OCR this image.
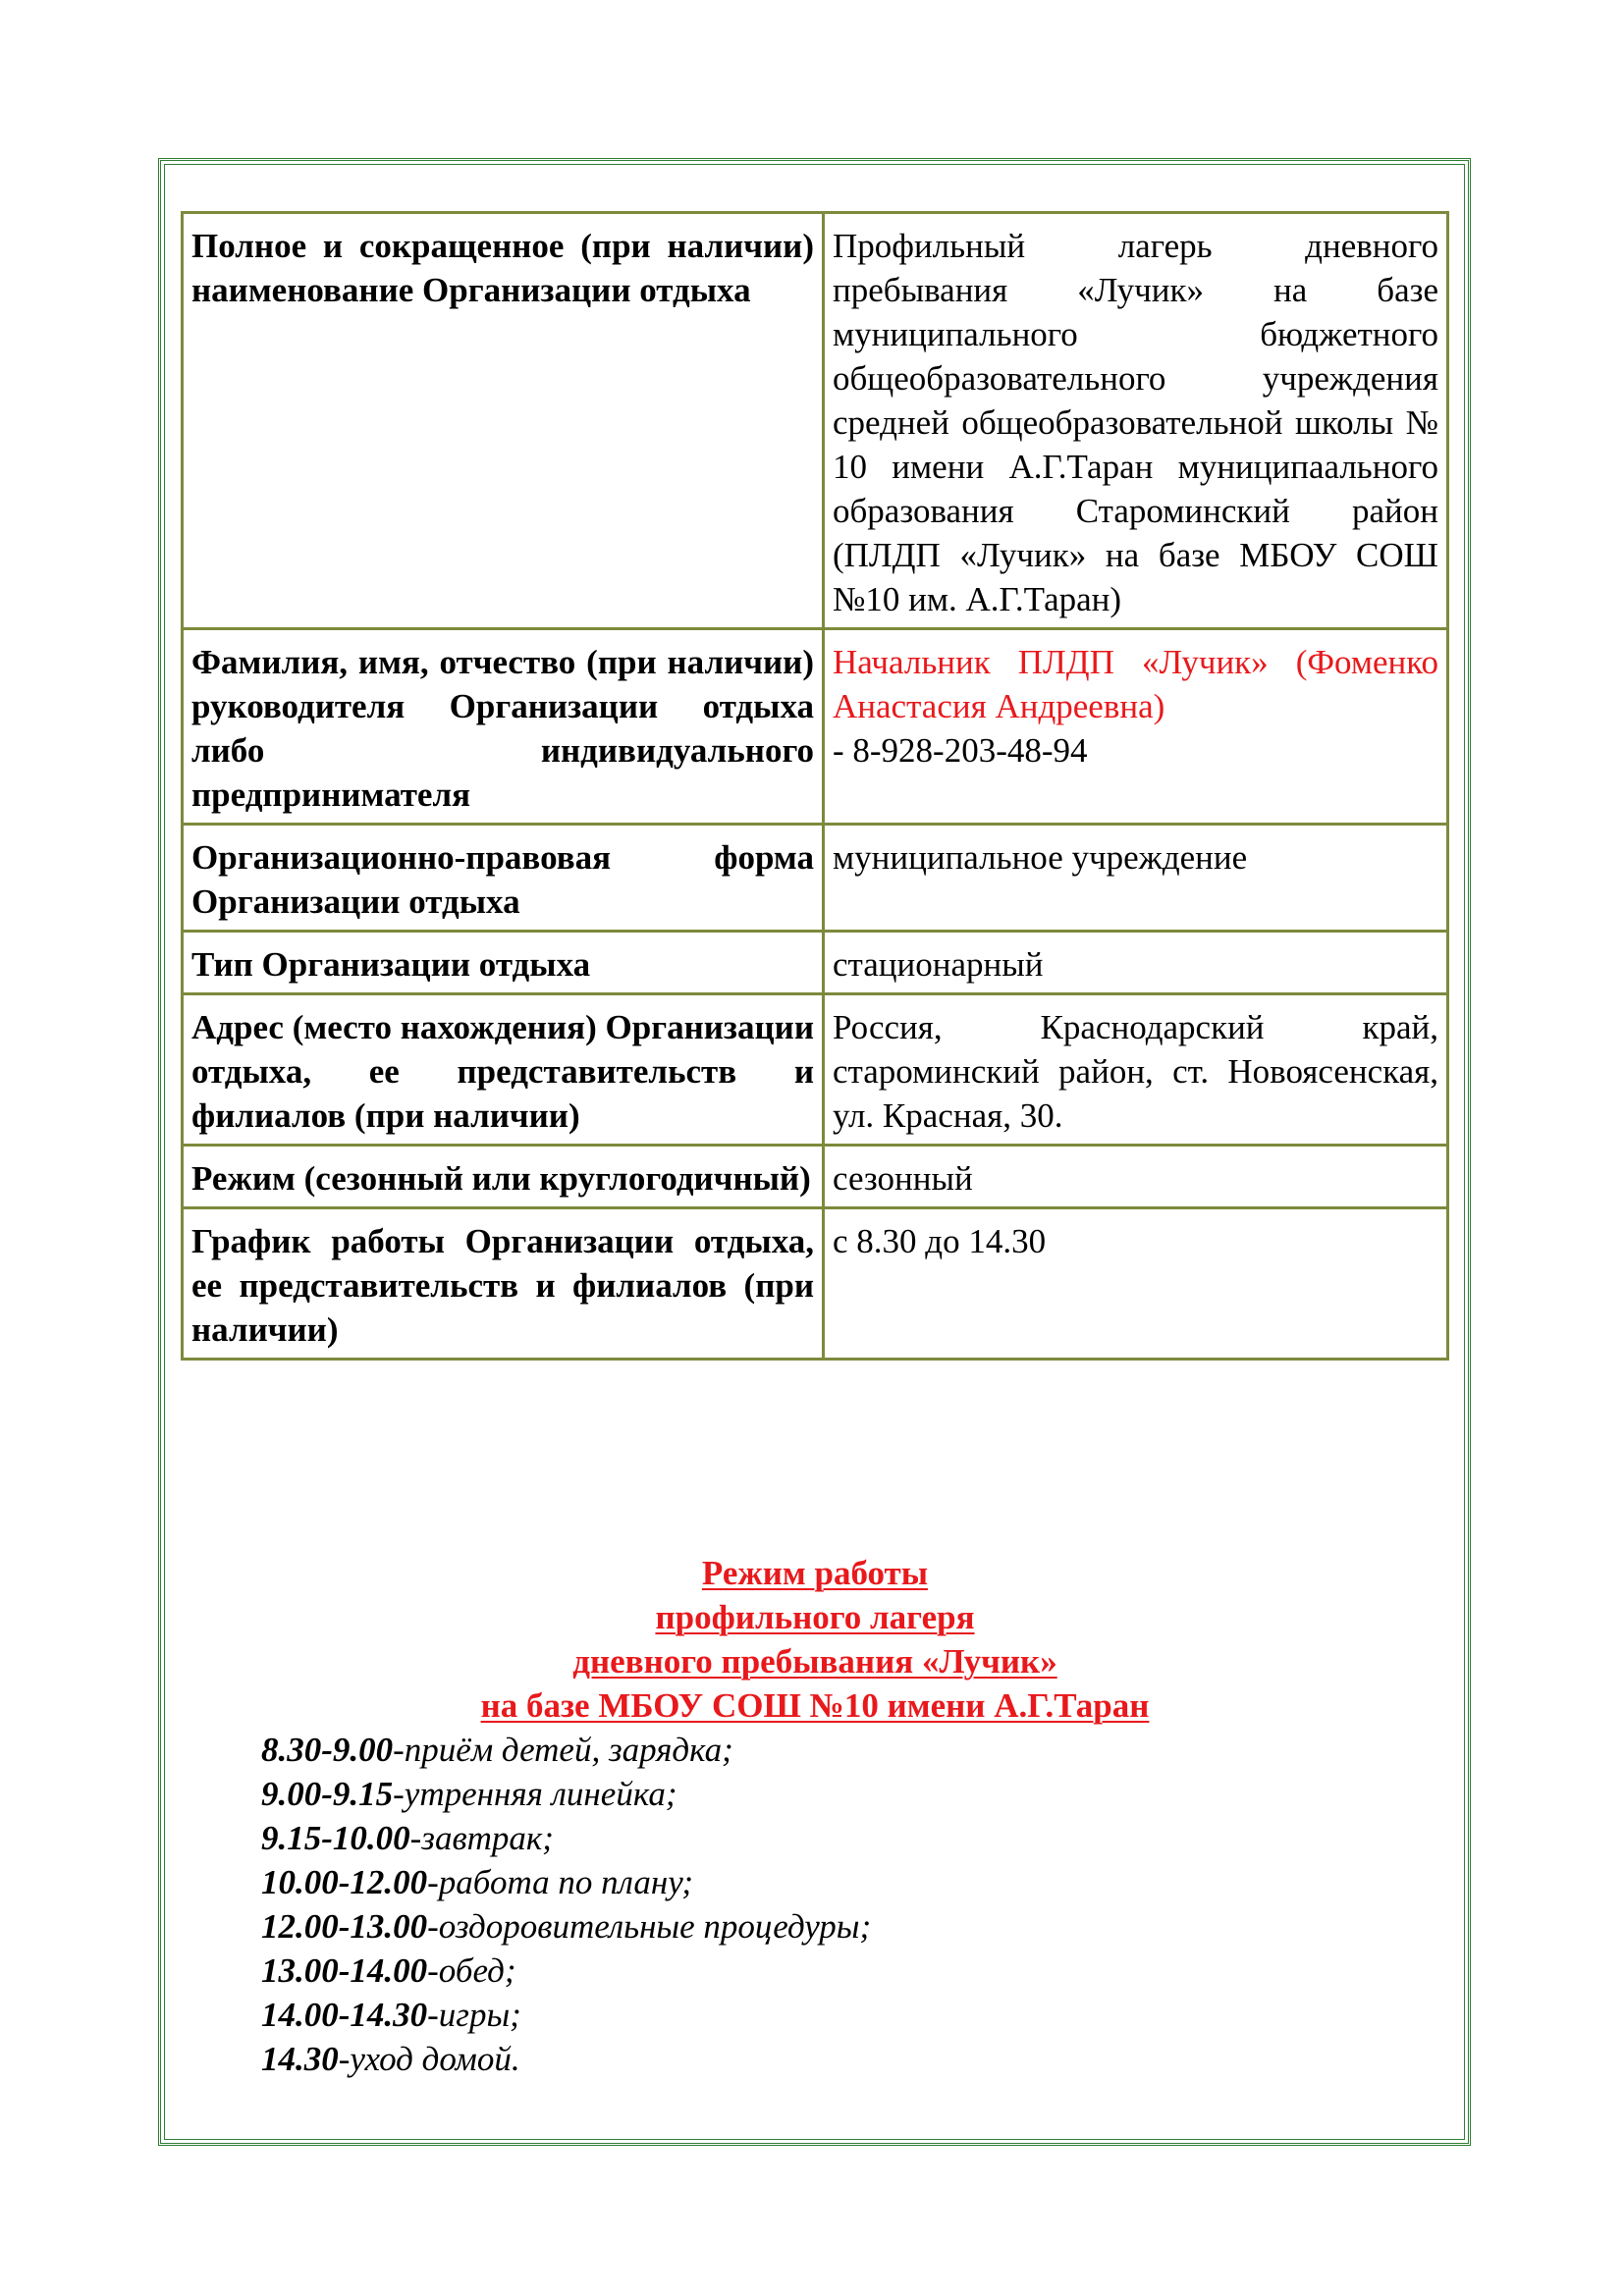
Полное и сокращенное (при наличии) наименование Организации отдыха	Профильный лагерь дневного пребывания «Лучик» на базе муниципального бюджетного общеобразовательного учреждения средней общеобразовательной школы № 10 имени А.Г.Таран муниципаального образования Староминский район (ПЛДП «Лучик» на базе МБОУ СОШ №10 им. А.Г.Таран)
Фамилия, имя, отчество (при наличии) руководителя Организации отдыха либо индивидуального предпринимателя	Начальник ПЛДП «Лучик» (Фоменко Анастасия Андреевна)
- 8-928-203-48-94
Организационно-правовая форма Организации отдыха	муниципальное учреждение
Тип Организации отдыха	стационарный
Адрес (место нахождения) Организации отдыха, ее представительств и филиалов (при наличии)	Россия, Краснодарский край, староминский район, ст. Новоясенская, ул. Красная, 30.
Режим (сезонный или круглогодичный)	сезонный
График работы Организации отдыха, ее представительств и филиалов (при наличии)	с 8.30 до 14.30

Режим работы

профильного лагеря

дневного пребывания «Лучик»

на базе МБОУ СОШ №10 имени А.Г.Таран

8.30-9.00-приём детей, зарядка;
9.00-9.15-утренняя линейка;
9.15-10.00-завтрак;
10.00-12.00-работа по плану;
12.00-13.00-оздоровительные процедуры;
13.00-14.00-обед;
14.00-14.30-игры;
14.30-уход домой.
